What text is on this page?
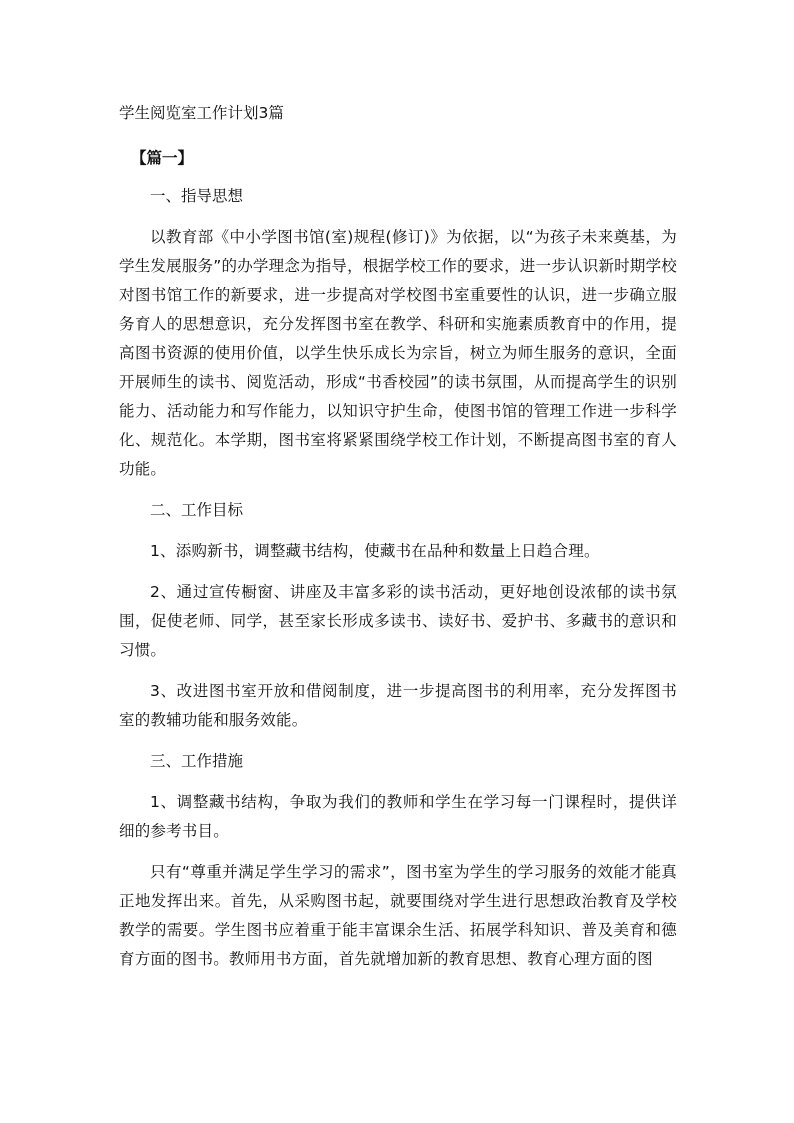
学生阅览室工作计划3篇
【篇一】

一、指导思想

以教育部《中小学图书馆(室)规程(修订)》为依据，以“为孩子未来奠基，为学生发展服务”的办学理念为指导，根据学校工作的要求，进一步认识新时期学校对图书馆工作的新要求，进一步提高对学校图书室重要性的认识，进一步确立服务育人的思想意识，充分发挥图书室在教学、科研和实施素质教育中的作用，提高图书资源的使用价值，以学生快乐成长为宗旨，树立为师生服务的意识，全面开展师生的读书、阅览活动，形成“书香校园”的读书氛围，从而提高学生的识别能力、活动能力和写作能力，以知识守护生命，使图书馆的管理工作进一步科学化、规范化。本学期，图书室将紧紧围绕学校工作计划，不断提高图书室的育人功能。

二、工作目标

1、添购新书，调整藏书结构，使藏书在品种和数量上日趋合理。

2、通过宣传橱窗、讲座及丰富多彩的读书活动，更好地创设浓郁的读书氛围，促使老师、同学，甚至家长形成多读书、读好书、爱护书、多藏书的意识和习惯。

3、改进图书室开放和借阅制度，进一步提高图书的利用率，充分发挥图书室的教辅功能和服务效能。

三、工作措施

1、调整藏书结构，争取为我们的教师和学生在学习每一门课程时，提供详细的参考书目。

只有“尊重并满足学生学习的需求”，图书室为学生的学习服务的效能才能真正地发挥出来。首先，从采购图书起，就要围绕对学生进行思想政治教育及学校教学的需要。学生图书应着重于能丰富课余生活、拓展学科知识、普及美育和德育方面的图书。教师用书方面，首先就增加新的教育思想、教育心理方面的图
